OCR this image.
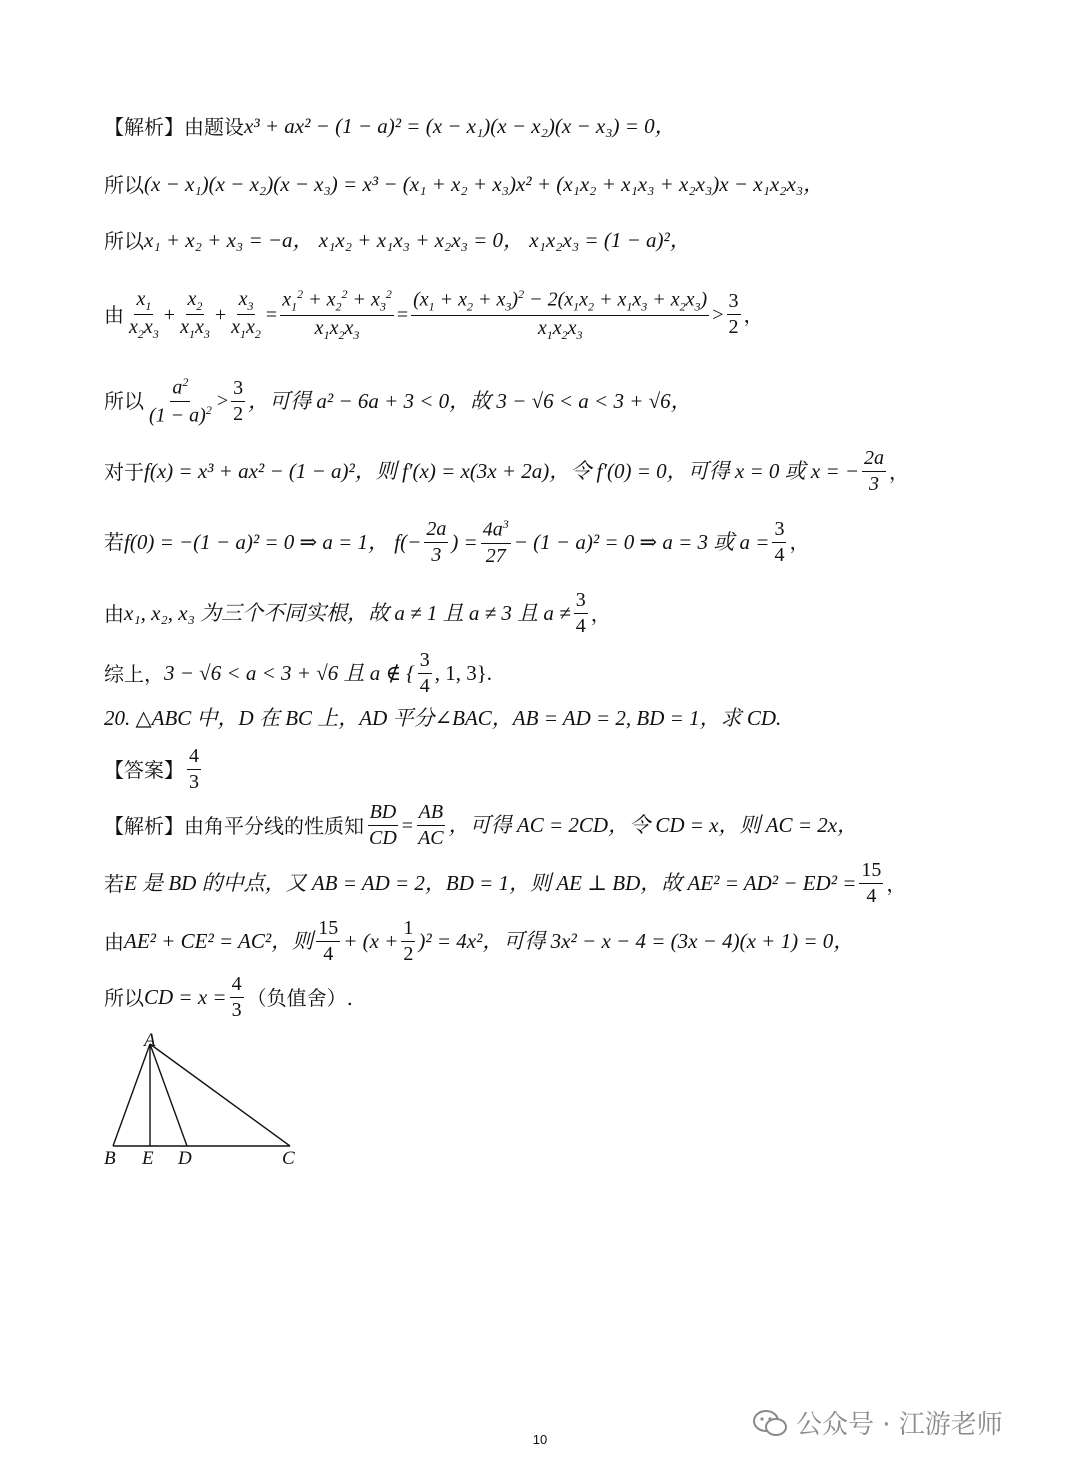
【解析】 由题设 x³ + ax² − (1 − a)² = (x − x₁)(x − x₂)(x − x₃) = 0，
所以 (x − x₁)(x − x₂)(x − x₃) = x³ − (x₁ + x₂ + x₃)x² + (x₁x₂ + x₁x₃ + x₂x₃)x − x₁x₂x₃，
所以 x₁ + x₂ + x₃ = −a， x₁x₂ + x₁x₃ + x₂x₃ = 0， x₁x₂x₃ = (1 − a)²，
由 $\frac{x_1}{x_2x_3} + \frac{x_2}{x_1x_3} + \frac{x_3}{x_1x_2} = \frac{x_1^2 + x_2^2 + x_3^2}{x_1x_2x_3} = \frac{(x_1 + x_2 + x_3)^2 - 2(x_1x_2 + x_1x_3 + x_2x_3)}{x_1x_2x_3} > \frac{3}{2}$ ，
所以 $\frac{a^2}{(1 - a)^2} > \frac{3}{2}$ ，可得 a² − 6a + 3 < 0，故 3 − √6 < a < 3 + √6，
对于 f(x) = x³ + ax² − (1 − a)²，则 f′(x) = x(3x + 2a)，令 f′(0) = 0，可得 x = 0 或 x = − $\frac{2a}{3}$ ，
若 f(0) = −(1 − a)² = 0 ⇒ a = 1， $f(- \frac{2a}{3}$ ) = $\frac{4a^3}{27} - (1 - a)^2 = 0$ ⇒ a = 3 或 $a = \frac{3}{4}$ ，
由 x₁, x₂, x₃ 为三个不同实根，故 a ≠ 1 且 a ≠ 3 且 $a \ne \frac{3}{4}$ ，
综上， 3 − √6 < a < 3 + √6 且 a ∉ { $\frac{3}{4}$ , 1, 3}.
20. △ABC 中，D 在 BC 上，AD 平分∠BAC，AB = AD = 2, BD = 1，求 CD.
【答案】 $\frac{4}{3}$
【解析】 由角平分线的性质知 $\frac{BD}{CD} = \frac{AB}{AC}$ ，可得 AC = 2CD，令 CD = x，则 AC = 2x，
若 E 是 BD 的中点，又 AB = AD = 2，BD = 1，则 AE ⊥ BD，故 $AE^2 = AD^2 - ED^2 = \frac{15}{4}$ ，
由 AE² + CE² = AC²，则 $\frac{15}{4} + (x + \frac{1}{2} )^2 = 4x^2$，可得 3x² − x − 4 = (3x − 4)(x + 1) = 0，
所以 CD = $x = \frac{4}{3}$ （负值舍）.
A
B E D	C
公众号 · 江游老师
10
